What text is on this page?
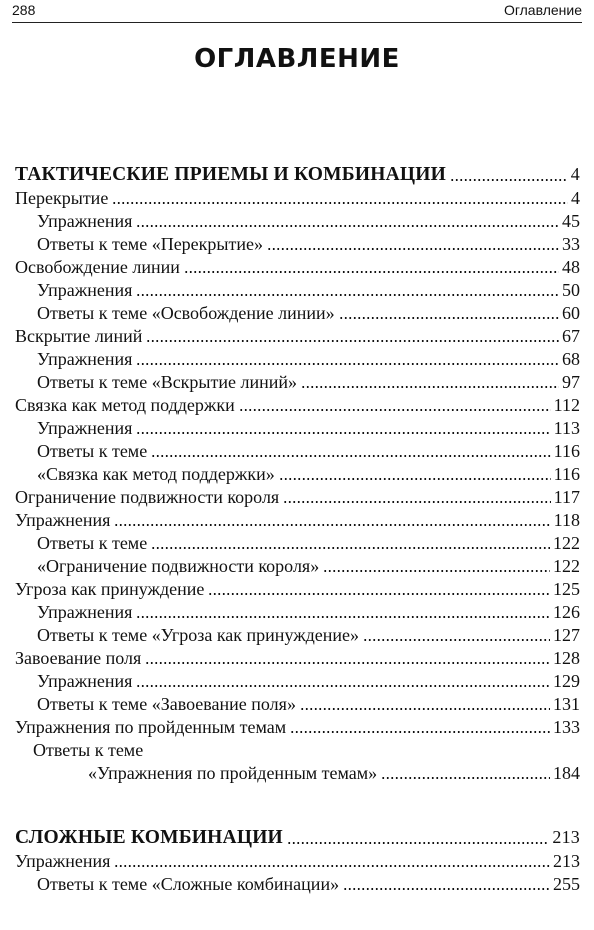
288	Оглавление
ОГЛАВЛЕНИЕ
ТАКТИЧЕСКИЕ ПРИЕМЫ И КОМБИНАЦИИ	4
Перекрытие	4
Упражнения	45
Ответы к теме «Перекрытие»	33
Освобождение линии	48
Упражнения	50
Ответы к теме «Освобождение линии»	60
Вскрытие линий	67
Упражнения	68
Ответы к теме «Вскрытие линий»	97
Связка как метод поддержки	112
Упражнения	113
Ответы к теме	116
«Связка как метод поддержки»	116
Ограничение подвижности короля	117
Упражнения	118
Ответы к теме	122
«Ограничение подвижности короля»	122
Угроза как принуждение	125
Упражнения	126
Ответы к теме «Угроза как принуждение»	127
Завоевание поля	128
Упражнения	129
Ответы к теме «Завоевание поля»	131
Упражнения по пройденным темам	133
Ответы к теме
«Упражнения по пройденным темам»	184
СЛОЖНЫЕ КОМБИНАЦИИ	213
Упражнения	213
Ответы к теме «Сложные комбинации»	255
